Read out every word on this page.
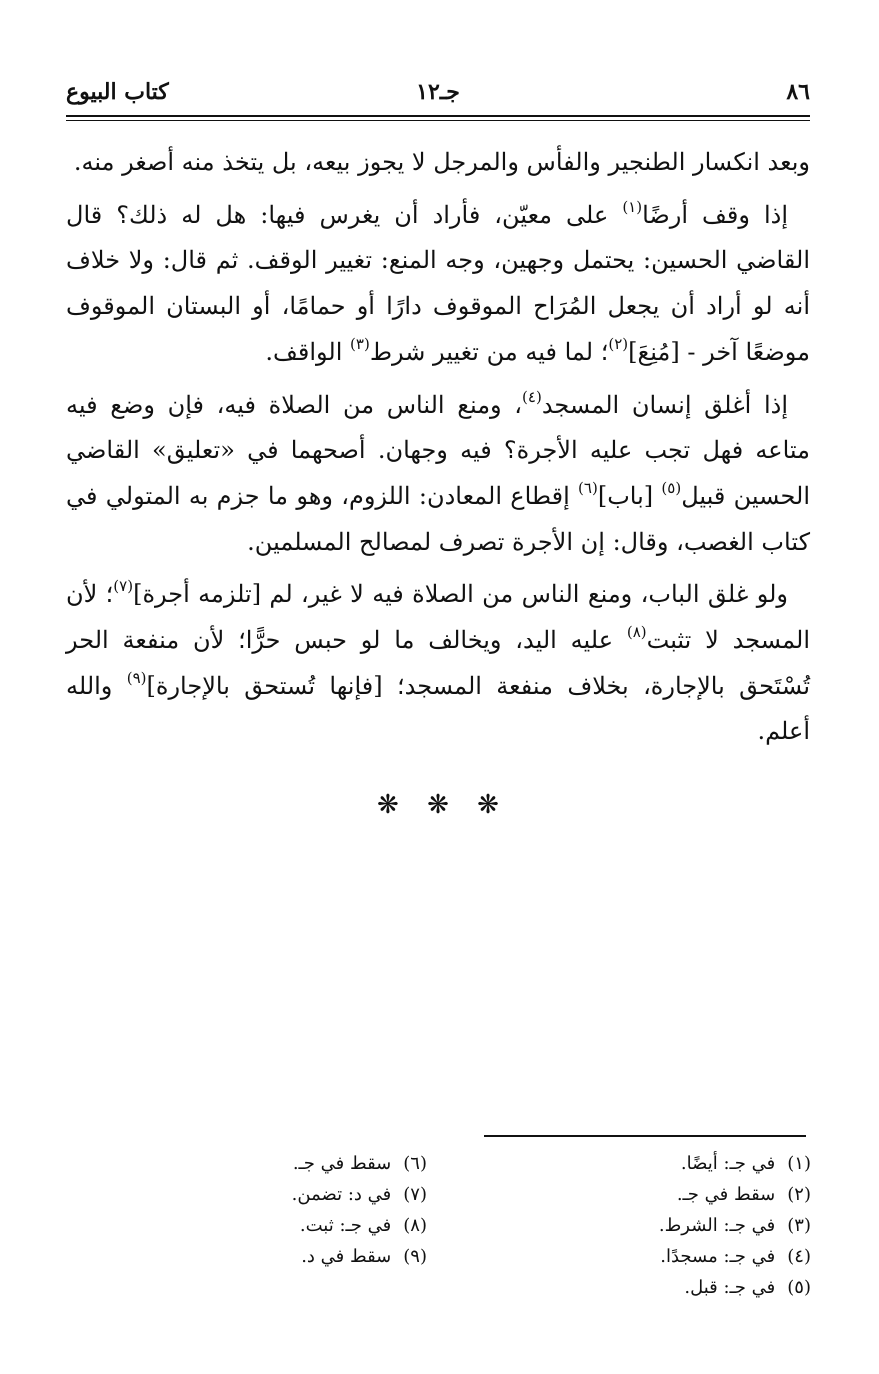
٨٦
جـ١٢
كتاب البيوع

وبعد انكسار الطنجير والفأس والمرجل لا يجوز بيعه، بل يتخذ منه أصغر منه.

إذا وقف أرضًا$^{(١)}$ على معيّن، فأراد أن يغرس فيها: هل له ذلك؟ قال القاضي الحسين: يحتمل وجهين، وجه المنع: تغيير الوقف. ثم قال: ولا خلاف أنه لو أراد أن يجعل المُرَاح الموقوف دارًا أو حمامًا، أو البستان الموقوف موضعًا آخر - [مُنِعَ]$^{(٢)}$؛ لما فيه من تغيير شرط$^{(٣)}$ الواقف.

إذا أغلق إنسان المسجد$^{(٤)}$، ومنع الناس من الصلاة فيه، فإن وضع فيه متاعه فهل تجب عليه الأجرة؟ فيه وجهان. أصحهما في «تعليق» القاضي الحسين قبيل$^{(٥)}$ [باب]$^{(٦)}$ إقطاع المعادن: اللزوم، وهو ما جزم به المتولي في كتاب الغصب، وقال: إن الأجرة تصرف لمصالح المسلمين.

ولو غلق الباب، ومنع الناس من الصلاة فيه لا غير، لم [تلزمه أجرة]$^{(٧)}$؛ لأن المسجد لا تثبت$^{(٨)}$ عليه اليد، ويخالف ما لو حبس حرًّا؛ لأن منفعة الحر تُسْتَحق بالإجارة، بخلاف منفعة المسجد؛ [فإنها تُستحق بالإجارة]$^{(٩)}$ والله أعلم.

❋ ❋ ❋
(١)في جـ: أيضًا.
(٢)سقط في جـ.
(٣)في جـ: الشرط.
(٤)في جـ: مسجدًا.
(٥)في جـ: قبل.
(٦)سقط في جـ.
(٧)في د: تضمن.
(٨)في جـ: ثبت.
(٩)سقط في د.
